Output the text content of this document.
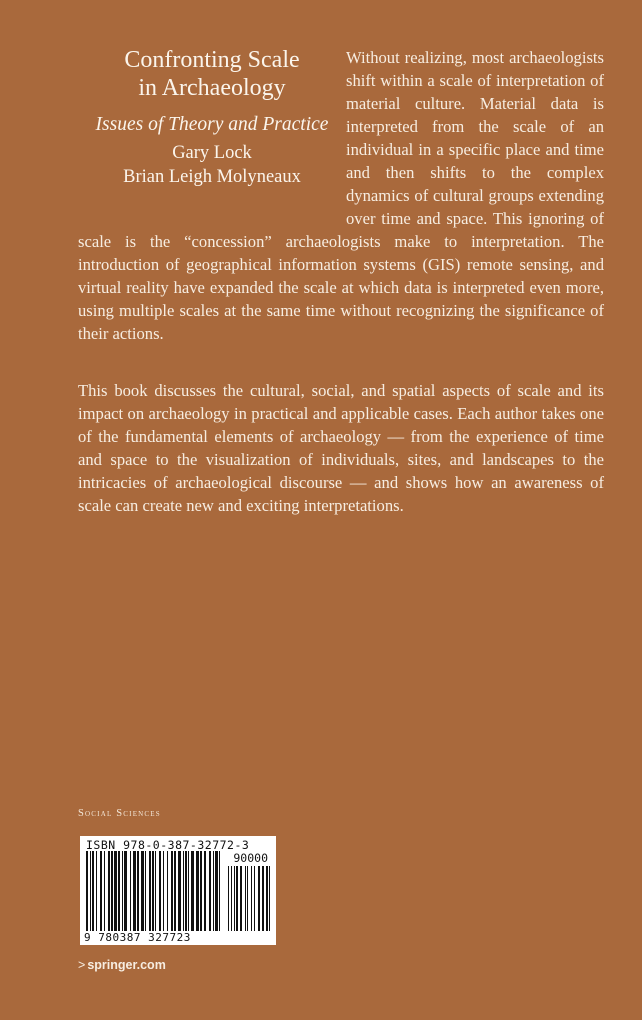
Confronting Scale

in Archaeology

Issues of Theory and Practice

Gary Lock

Brian Leigh Molyneaux

Without realizing, most archaeologists shift within a scale of interpretation of material culture. Material data is interpreted from the scale of an individual in a specific place and time and then shifts to the complex dynamics of cultural groups extending over time and space. This ignoring of scale is the “concession” archaeologists make to interpretation. The introduction of geographical information systems (GIS) remote sensing, and virtual reality have expanded the scale at which data is interpreted even more, using multiple scales at the same time without recognizing the significance of their actions.

This book discusses the cultural, social, and spatial aspects of scale and its impact on archaeology in practical and applicable cases. Each author takes one of the fundamental elements of archaeology — from the experience of time and space to the visualization of individuals, sites, and landscapes to the intricacies of archaeological discourse — and shows how an awareness of scale can create new and exciting interpretations.

Social Sciences
ISBN 978-0-387-32772-3
90000
9 780387 327723
> springer.com
